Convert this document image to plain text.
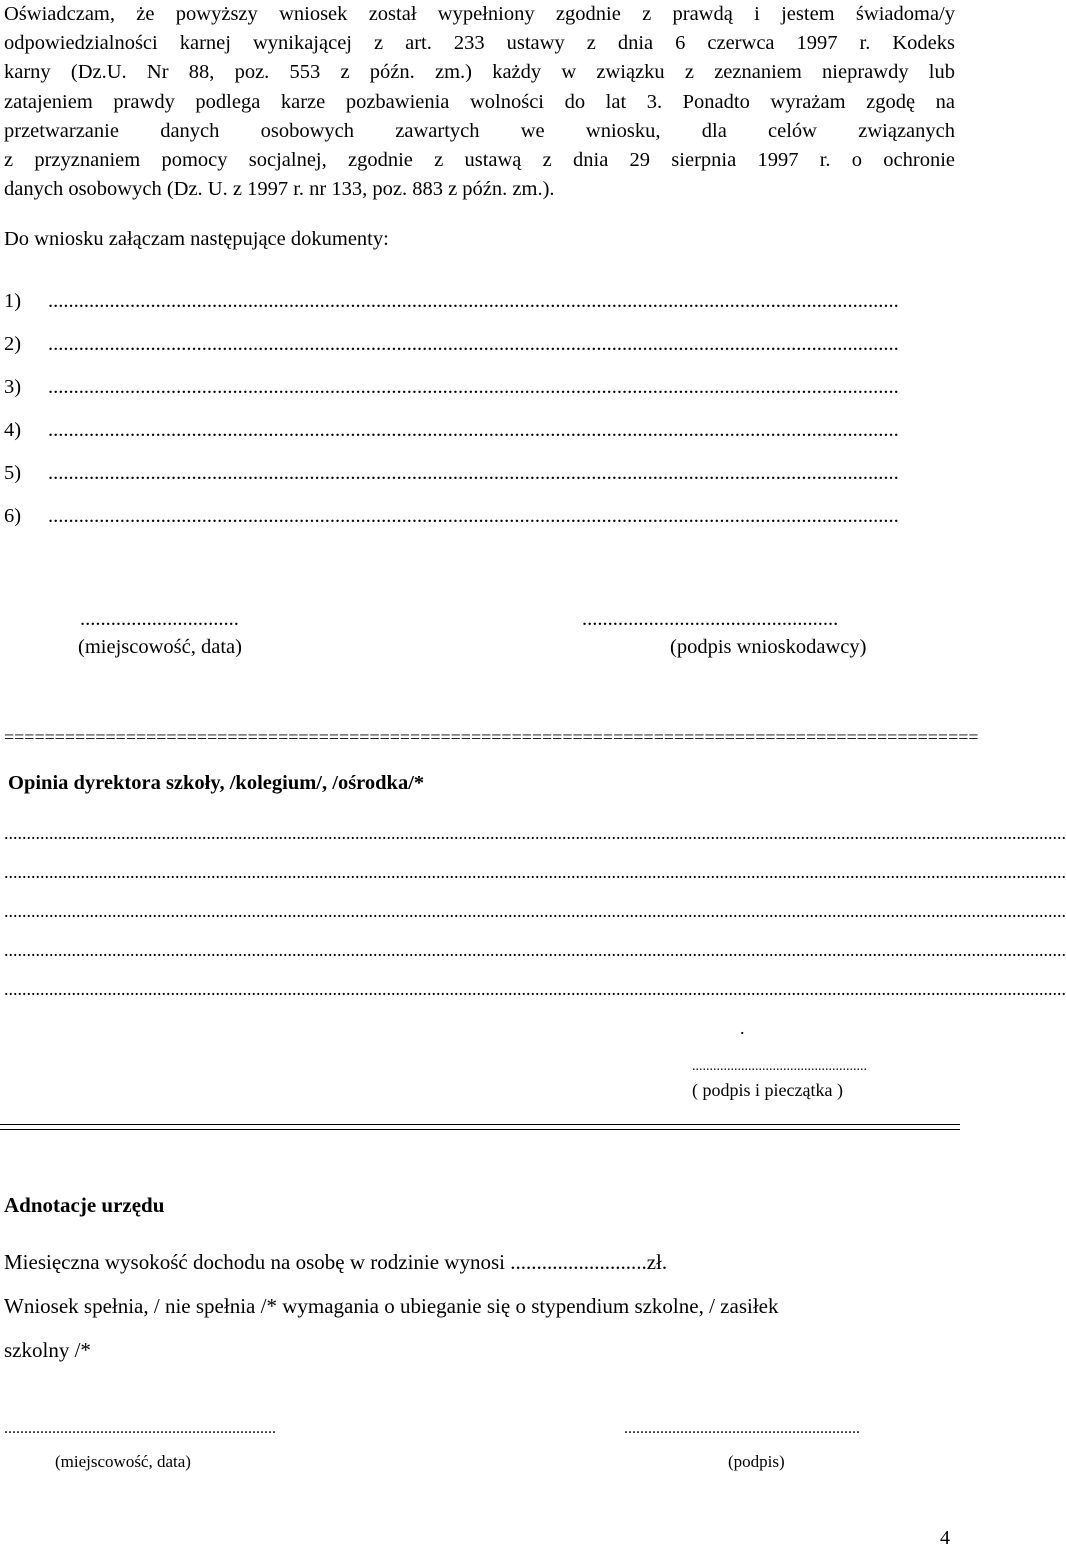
Oświadczam, że powyższy wniosek został wypełniony zgodnie z prawdą i jestem świadoma/y
odpowiedzialności karnej wynikającej z art. 233 ustawy z dnia 6 czerwca 1997 r. Kodeks
karny (Dz.U. Nr 88, poz. 553 z późn. zm.) każdy w związku z zeznaniem nieprawdy lub
zatajeniem prawdy podlega karze pozbawienia wolności do lat 3. Ponadto wyrażam zgodę na
przetwarzanie danych osobowych zawartych we wniosku, dla celów związanych
z przyznaniem pomocy socjalnej, zgodnie z ustawą z dnia 29 sierpnia 1997 r. o ochronie
danych osobowych (Dz. U. z 1997 r. nr 133, poz. 883 z późn. zm.).

Do wniosku załączam następujące dokumenty:
1) ......................................................................................................................................................................
2) ......................................................................................................................................................................
3) ......................................................................................................................................................................
4) ......................................................................................................................................................................
5) ......................................................................................................................................................................
6) ......................................................................................................................................................................
...............................
(miejscowość, data)
..................................................
(podpis wnioskodawcy)
================================================================================================
Opinia dyrektora szkoły, /kolegium/, /ośrodka/*
............................................................................................................................................................................................................................................
............................................................................................................................................................................................................................................
............................................................................................................................................................................................................................................
............................................................................................................................................................................................................................................
............................................................................................................................................................................................................................................
.
..................................................
( podpis i pieczątka )
Adnotacje urzędu
Miesięczna wysokość dochodu na osobę w rodzinie wynosi ..........................zł.
Wniosek spełnia, / nie spełnia /* wymagania o ubieganie się o stypendium szkolne, / zasiłek
szkolny /*
....................................................................
(miejscowość, data)
...........................................................
(podpis)
4
